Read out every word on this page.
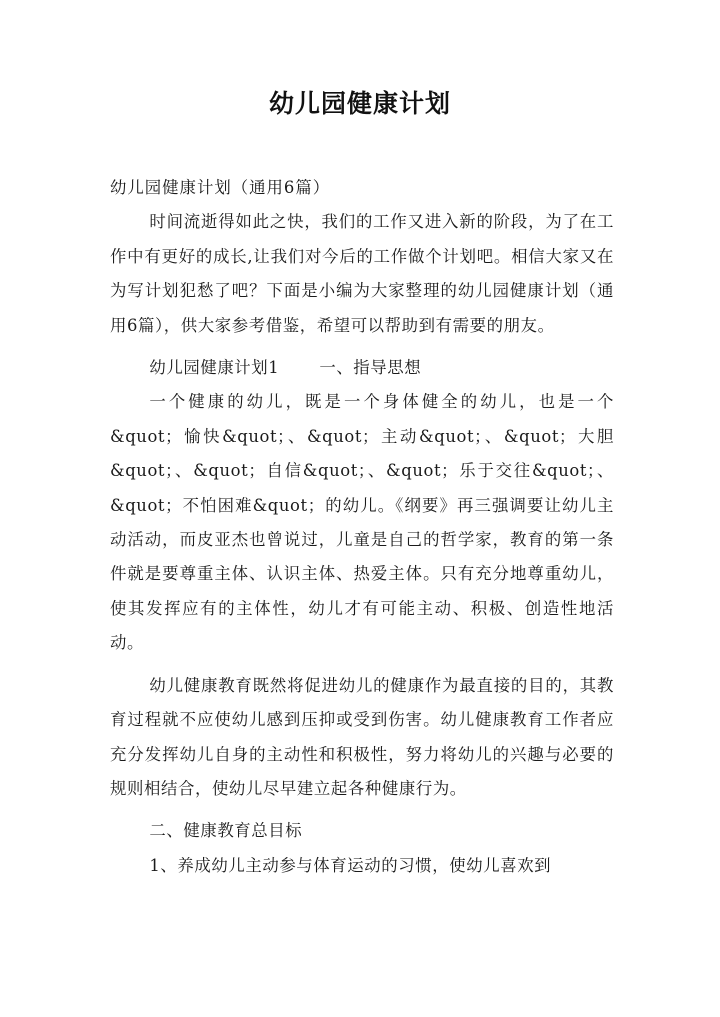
幼儿园健康计划

幼儿园健康计划（通用6篇）

时间流逝得如此之快，我们的工作又进入新的阶段，为了在工作中有更好的成长,让我们对今后的工作做个计划吧。相信大家又在为写计划犯愁了吧？下面是小编为大家整理的幼儿园健康计划（通用6篇），供大家参考借鉴，希望可以帮助到有需要的朋友。

幼儿园健康计划1 一、指导思想

一个健康的幼儿，既是一个身体健全的幼儿，也是一个&quot；愉快&quot；、&quot；主动&quot；、&quot；大胆&quot；、&quot；自信&quot；、&quot；乐于交往&quot；、&quot；不怕困难&quot；的幼儿。《纲要》再三强调要让幼儿主动活动，而皮亚杰也曾说过，儿童是自己的哲学家，教育的第一条件就是要尊重主体、认识主体、热爱主体。只有充分地尊重幼儿，使其发挥应有的主体性，幼儿才有可能主动、积极、创造性地活动。

幼儿健康教育既然将促进幼儿的健康作为最直接的目的，其教育过程就不应使幼儿感到压抑或受到伤害。幼儿健康教育工作者应充分发挥幼儿自身的主动性和积极性，努力将幼儿的兴趣与必要的规则相结合，使幼儿尽早建立起各种健康行为。

二、健康教育总目标

1、养成幼儿主动参与体育运动的习惯，使幼儿喜欢到
